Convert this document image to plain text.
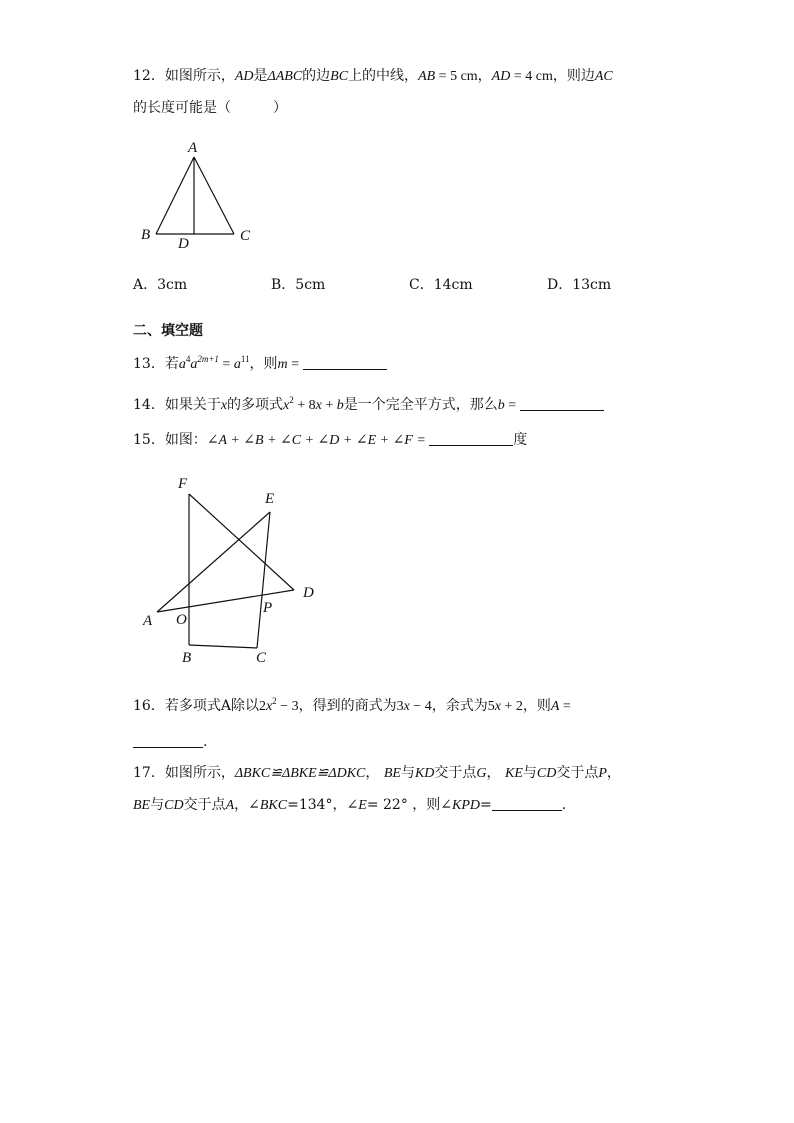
12．如图所示，AD是ΔABC的边BC上的中线，AB = 5 cm，AD = 4 cm，则边AC
的长度可能是（　　　）
A
B
D	C
A．3cm	B．5cm	C．14cm	D．13cm
二、填空题
13．若$a^4a^{2m+1} = a^{11}$，则m =
14．如果关于x的多项式$x^2 + 8x + b$是一个完全平方式，那么b =
15．如图：∠A + ∠B + ∠C + ∠D + ∠E + ∠F =	度
F
E
D
A O
P
B	C
16．若多项式A除以$2x^2 - 3$，得到的商式为3x − 4，余式为5x + 2，则A =
.
17．如图所示，ΔBKC≌ΔBKE≌ΔDKC， BE与KD交于点G， KE与CD交于点P，
BE与CD交于点A，∠BKC=134°，∠E= 22° ，则∠KPD=	.
